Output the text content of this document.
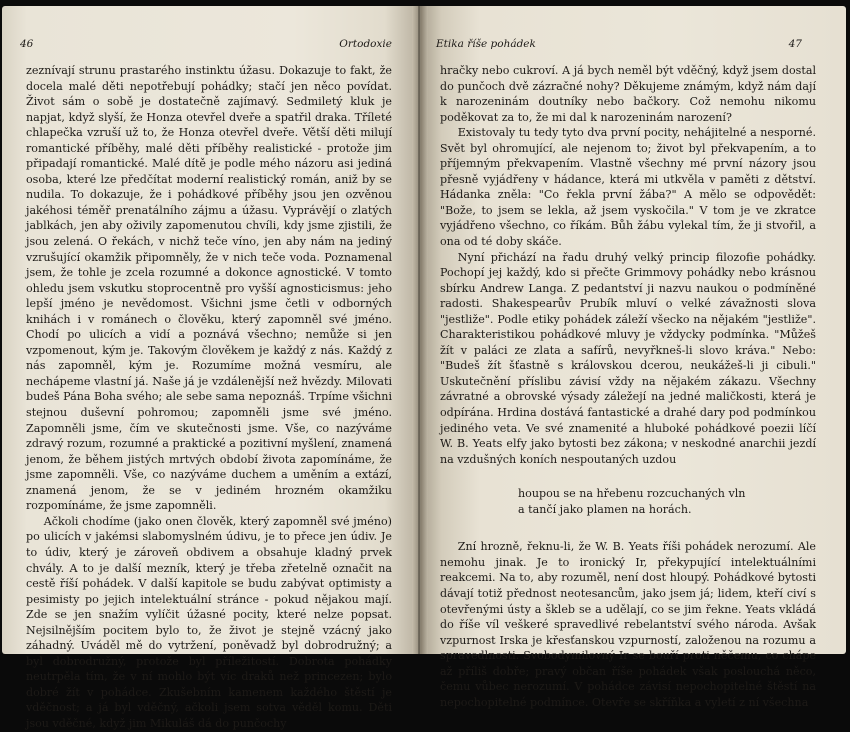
46	Ortodoxie

zeznívají strunu prastarého instinktu úžasu. Dokazuje to fakt, že docela malé děti nepotřebují pohádky; stačí jen něco povídat. Život sám o sobě je dostatečně zajímavý. Sedmiletý kluk je napjat, když slyší, že Honza otevřel dveře a spatřil draka. Tříleté chlapečka vzruší už to, že Honza otevřel dveře. Větší děti milují romantické příběhy, malé děti příběhy realistické - protože jim připadají romantické. Malé dítě je podle mého názoru asi jediná osoba, které lze předčítat moderní realistický román, aniž by se nudila. To dokazuje, že i pohádkové příběhy jsou jen ozvěnou jakéhosi téměř prenatálního zájmu a úžasu. Vyprávějí o zlatých jablkách, jen aby oživily zapomenutou chvíli, kdy jsme zjistili, že jsou zelená. O řekách, v nichž teče víno, jen aby nám na jediný vzrušující okamžik připomněly, že v nich teče voda. Poznamenal jsem, že tohle je zcela rozumné a dokonce agnostické. V tomto ohledu jsem vskutku stoprocentně pro vyšší agnosticismus: jeho lepší jméno je nevědomost. Všichni jsme četli v odborných knihách i v románech o člověku, který zapomněl své jméno. Chodí po ulicích a vidí a poznává všechno; nemůže si jen vzpomenout, kým je. Takovým člověkem je každý z nás. Každý z nás zapomněl, kým je. Rozumíme možná vesmíru, ale nechápeme vlastní já. Naše já je vzdálenější než hvězdy. Milovati budeš Pána Boha svého; ale sebe sama nepoznáš. Trpíme všichni stejnou duševní pohromou; zapomněli jsme své jméno. Zapomněli jsme, čím ve skutečnosti jsme. Vše, co nazýváme zdravý rozum, rozumné a praktické a pozitivní myšlení, znamená jenom, že během jistých mrtvých období života zapomínáme, že jsme zapomněli. Vše, co nazýváme duchem a uměním a extází, znamená jenom, že se v jediném hrozném okamžiku rozpomínáme, že jsme zapomněli.

Ačkoli chodíme (jako onen člověk, který zapomněl své jméno) po ulicích v jakémsi slabomyslném údivu, je to přece jen údiv. Je to údiv, který je zároveň obdivem a obsahuje kladný prvek chvály. A to je další mezník, který je třeba zřetelně označit na cestě říší pohádek. V další kapitole se budu zabývat optimisty a pesimisty po jejich intelektuální stránce - pokud nějakou mají. Zde se jen snažím vylíčit úžasné pocity, které nelze popsat. Nejsilnějším pocitem bylo to, že život je stejně vzácný jako záhadný. Uváděl mě do vytržení, poněvadž byl dobrodružný; a byl dobrodružný, protože byl příležitostí. Dobrota pohádky neutrpěla tím, že v ní mohlo být víc draků než princezen; bylo dobré žít v pohádce. Zkušebním kamenem každého štěstí je vděčnost; a já byl vděčný, ačkoli jsem sotva věděl komu. Děti jsou vděčné, když jim Mikuláš dá do punčochy

Etika říše pohádek	47

hračky nebo cukroví. A já bych neměl být vděčný, když jsem dostal do punčoch dvě zázračné nohy? Děkujeme známým, když nám dají k narozeninám doutníky nebo bačkory. Což nemohu nikomu poděkovat za to, že mi dal k narozeninám narození?

Existovaly tu tedy tyto dva první pocity, nehájitelné a nesporné. Svět byl ohromující, ale nejenom to; život byl překvapením, a to příjemným překvapením. Vlastně všechny mé první názory jsou přesně vyjádřeny v hádance, která mi utkvěla v paměti z dětství. Hádanka zněla: "Co řekla první žába?" A mělo se odpovědět: "Bože, to jsem se lekla, až jsem vyskočila." V tom je ve zkratce vyjádřeno všechno, co říkám. Bůh žábu vylekal tím, že ji stvořil, a ona od té doby skáče.

Nyní přichází na řadu druhý velký princip filozofie pohádky. Pochopí jej každý, kdo si přečte Grimmovy pohádky nebo krásnou sbírku Andrew Langa. Z pedantství ji nazvu naukou o podmíněné radosti. Shakespearův Prubík mluví o velké závažnosti slova "jestliže". Podle etiky pohádek záleží všecko na nějakém "jestliže". Charakteristikou pohádkové mluvy je vždycky podmínka. "Můžeš žít v paláci ze zlata a safírů, nevyřkneš-li slovo kráva." Nebo: "Budeš žít šťastně s královskou dcerou, neukážeš-li ji cibuli." Uskutečnění příslibu závisí vždy na nějakém zákazu. Všechny závratné a obrovské výsady záležejí na jedné maličkosti, která je odpírána. Hrdina dostává fantastické a drahé dary pod podmínkou jediného veta. Ve své znamenité a hluboké pohádkové poezii líčí W. B. Yeats elfy jako bytosti bez zákona; v neskodné anarchii jezdí na vzdušných koních nespoutaných uzdou

houpou se na hřebenu rozcuchaných vln
a tančí jako plamen na horách.

Zní hrozně, řeknu-li, že W. B. Yeats říši pohádek nerozumí. Ale nemohu jinak. Je to ironický Ir, překypující intelektuálními reakcemi. Na to, aby rozuměl, není dost hloupý. Pohádkové bytosti dávají totiž přednost neotesancům, jako jsem já; lidem, kteří civí s otevřenými ústy a škleb se a udělají, co se jim řekne. Yeats vkládá do říše víl veškeré spravedlivé rebelantství svého národa. Avšak vzpurnost Irska je křesťanskou vzpurností, založenou na rozumu a spravedlnosti. Svobodymilovný Ir se bouří proti něčemu, co chápe až příliš dobře; pravý občan říše pohádek však poslouchá něco, čemu vůbec nerozumí. V pohádce závisí nepochopitelné štěstí na nepochopitelné podmínce. Otevře se skříňka a vyletí z ní všechna
